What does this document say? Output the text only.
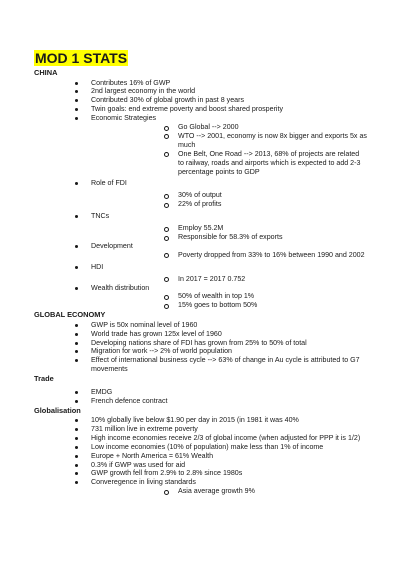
MOD 1 STATS
CHINA
Contributes 16% of GWP
2nd largest economy in the world
Contributed 30% of global growth in past 8 years
Twin goals: end extreme poverty and boost shared prosperity
Economic Strategies
Go Global --> 2000
WTO --> 2001, economy is now 8x bigger and exports 5x as much
One Belt, One Road --> 2013, 68% of projects are related to railway, roads and airports which is expected to add 2-3 percentage points to GDP
Role of FDI
30% of output
22% of profits
TNCs
Employ 55.2M
Responsible for 58.3% of exports
Development
Poverty dropped from 33% to 16% between 1990 and 2002
HDI
In 2017 = 2017 0.752
Wealth distribution
50% of wealth in top 1%
15% goes to bottom 50%
GLOBAL ECONOMY
GWP is 50x nominal level of 1960
World trade has grown 125x level of 1960
Developing nations share of FDI has grown from 25% to 50% of total
Migration for work --> 2% of world population
Effect of international business cycle --> 63% of change in Au cycle is attributed to G7 movements
Trade
EMDG
French defence contract
Globalisation
10% globally live below $1.90 per day in 2015 (in 1981 it was 40%
731 million live in extreme poverty
High income economies receive 2/3 of global income (when adjusted for PPP it is 1/2)
Low income economies (10% of population) make less than 1% of income
Europe + North America = 61% Wealth
0.3% if GWP was used for aid
GWP growth fell from 2.9% to 2.8% since 1980s
Converegence in living standards
Asia average growth 9%
